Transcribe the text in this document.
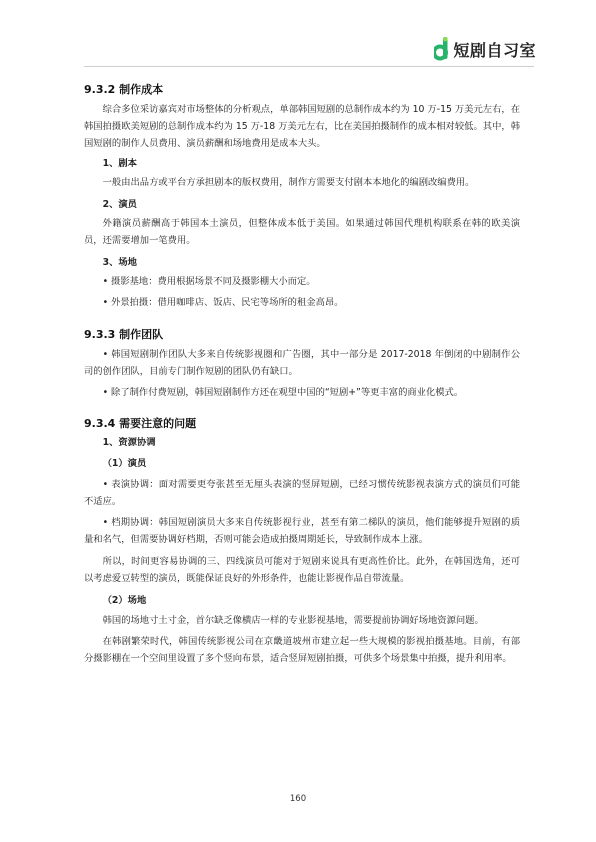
短剧自习室
9.3.2 制作成本

综合多位采访嘉宾对市场整体的分析观点，单部韩国短剧的总制作成本约为 10 万-15 万美元左右，在韩国拍摄欧美短剧的总制作成本约为 15 万-18 万美元左右，比在美国拍摄制作的成本相对较低。其中，韩国短剧的制作人员费用、演员薪酬和场地费用是成本大头。

1、剧本

一般由出品方或平台方承担剧本的版权费用，制作方需要支付剧本本地化的编剧改编费用。

2、演员

外籍演员薪酬高于韩国本土演员，但整体成本低于美国。如果通过韩国代理机构联系在韩的欧美演员，还需要增加一笔费用。

3、场地

• 摄影基地：费用根据场景不同及摄影棚大小而定。

• 外景拍摄：借用咖啡店、饭店、民宅等场所的租金高昂。

9.3.3 制作团队

• 韩国短剧制作团队大多来自传统影视圈和广告圈，其中一部分是 2017-2018 年倒闭的中剧制作公司的创作团队，目前专门制作短剧的团队仍有缺口。

• 除了制作付费短剧，韩国短剧制作方还在观望中国的“短剧+”等更丰富的商业化模式。

9.3.4 需要注意的问题

1、资源协调

（1）演员

• 表演协调：面对需要更夸张甚至无厘头表演的竖屏短剧，已经习惯传统影视表演方式的演员们可能不适应。

• 档期协调：韩国短剧演员大多来自传统影视行业，甚至有第二梯队的演员，他们能够提升短剧的质量和名气，但需要协调好档期，否则可能会造成拍摄周期延长，导致制作成本上涨。

所以，时间更容易协调的三、四线演员可能对于短剧来说具有更高性价比。此外，在韩国选角，还可以考虑爱豆转型的演员，既能保证良好的外形条件，也能让影视作品自带流量。

（2）场地

韩国的场地寸土寸金，首尔缺乏像横店一样的专业影视基地，需要提前协调好场地资源问题。

在韩剧繁荣时代，韩国传统影视公司在京畿道坡州市建立起一些大规模的影视拍摄基地。目前，有部分摄影棚在一个空间里设置了多个竖向布景，适合竖屏短剧拍摄，可供多个场景集中拍摄，提升利用率。

160
